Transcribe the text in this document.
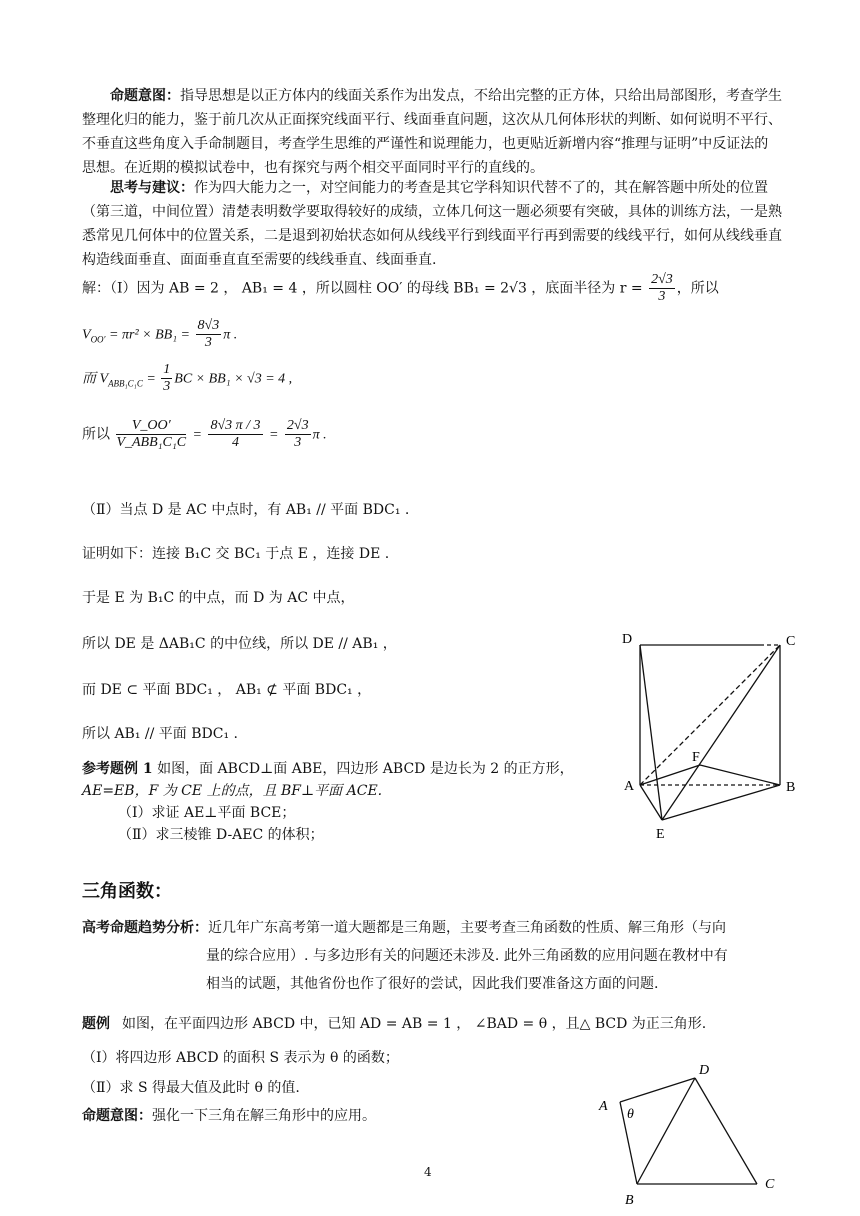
命题意图：指导思想是以正方体内的线面关系作为出发点，不给出完整的正方体，只给出局部图形，考查学生整理化归的能力，鉴于前几次从正面探究线面平行、线面垂直问题，这次从几何体形状的判断、如何说明不平行、不垂直这些角度入手命制题目，考查学生思维的严谨性和说理能力，也更贴近新增内容“推理与证明”中反证法的思想。在近期的模拟试卷中，也有探究与两个相交平面同时平行的直线的。
思考与建议：作为四大能力之一，对空间能力的考查是其它学科知识代替不了的，其在解答题中所处的位置（第三道，中间位置）清楚表明数学要取得较好的成绩，立体几何这一题必须要有突破，具体的训练方法，一是熟悉常见几何体中的位置关系，二是退到初始状态如何从线线平行到线面平行再到需要的线线平行，如何从线线垂直构造线面垂直、面面垂直直至需要的线线垂直、线面垂直.
解：（Ⅰ）因为 AB = 2 ， AB₁ = 4 ，所以圆柱 OO′ 的母线 BB₁ = 2√3 ，底面半径为 $r = \frac{2√3}{3}$ ，所以
$V_{OO'} = \pi r^2 \times BB_1 = \frac{8√3}{3}$ π .
而 $V_{ABB_1C_1C} = \frac{1}{3}$ BC × BB₁ × √3 = 4 ,
所以 $\frac{V\_OO'}{\text{V\_ABB₁C₁C}} = \frac{8√3 \pi / 3}{4} = \frac{2√3}{3}$ π .
（Ⅱ）当点 D 是 AC 中点时，有 AB₁ // 平面 BDC₁ .
证明如下：连接 B₁C 交 BC₁ 于点 E ，连接 DE .
于是 E 为 B₁C 的中点，而 D 为 AC 中点，
所以 DE 是 ΔAB₁C 的中位线，所以 DE // AB₁ ，
而 DE ⊂ 平面 BDC₁ ， AB₁ ⊄ 平面 BDC₁ ，
所以 AB₁ // 平面 BDC₁ .
参考题例 1 如图，面 ABCD⊥面 ABE，四边形 ABCD 是边长为 2 的正方形，
AE=EB，F 为 CE 上的点，且 BF⊥平面 ACE.
（Ⅰ）求证 AE⊥平面 BCE；
（Ⅱ）求三棱锥 D-AEC 的体积；
D	C
A	B
E
F
三角函数：
高考命题趋势分析：近几年广东高考第一道大题都是三角题，主要考查三角函数的性质、解三角形（与向
量的综合应用）. 与多边形有关的问题还未涉及. 此外三角函数的应用问题在教材中有
相当的试题，其他省份也作了很好的尝试，因此我们要准备这方面的问题.
题例 如图，在平面四边形 ABCD 中，已知 AD = AB = 1 ， ∠BAD = θ ，且△ BCD 为正三角形.
（Ⅰ）将四边形 ABCD 的面积 S 表示为 θ 的函数；
（Ⅱ）求 S 得最大值及此时 θ 的值.
命题意图：强化一下三角在解三角形中的应用。
A
D
B
C
θ
4
